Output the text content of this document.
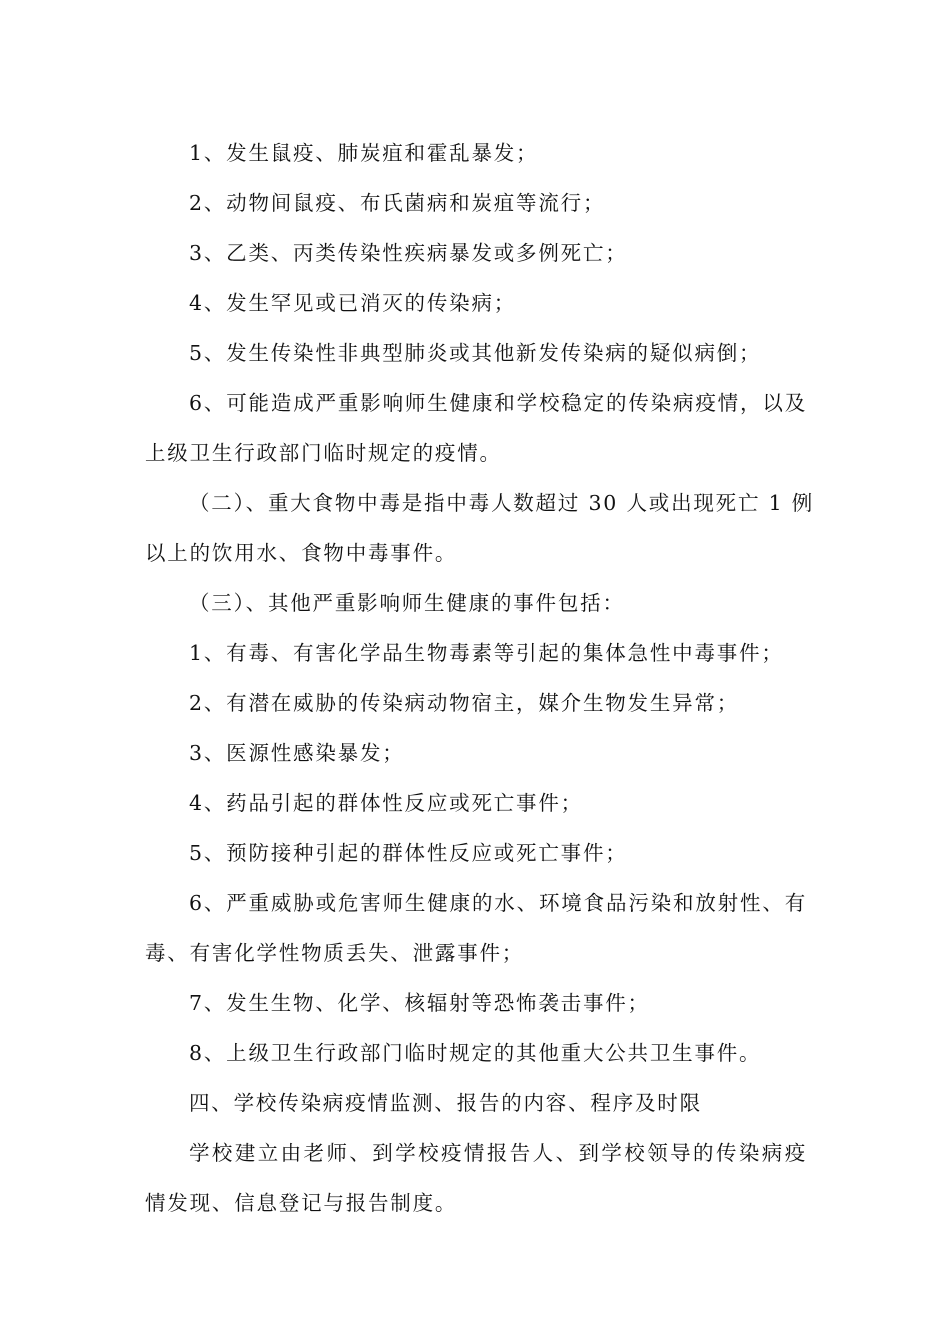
1、发生鼠疫、肺炭疽和霍乱暴发；
2、动物间鼠疫、布氏菌病和炭疽等流行；
3、乙类、丙类传染性疾病暴发或多例死亡；
4、发生罕见或已消灭的传染病；
5、发生传染性非典型肺炎或其他新发传染病的疑似病倒；
6、可能造成严重影响师生健康和学校稳定的传染病疫情，以及
上级卫生行政部门临时规定的疫情。
（二）、重大食物中毒是指中毒人数超过 30 人或出现死亡 1 例
以上的饮用水、食物中毒事件。
（三）、其他严重影响师生健康的事件包括：
1、有毒、有害化学品生物毒素等引起的集体急性中毒事件；
2、有潜在威胁的传染病动物宿主，媒介生物发生异常；
3、医源性感染暴发；
4、药品引起的群体性反应或死亡事件；
5、预防接种引起的群体性反应或死亡事件；
6、严重威胁或危害师生健康的水、环境食品污染和放射性、有
毒、有害化学性物质丢失、泄露事件；
7、发生生物、化学、核辐射等恐怖袭击事件；
8、上级卫生行政部门临时规定的其他重大公共卫生事件。
四、学校传染病疫情监测、报告的内容、程序及时限
学校建立由老师、到学校疫情报告人、到学校领导的传染病疫
情发现、信息登记与报告制度。
